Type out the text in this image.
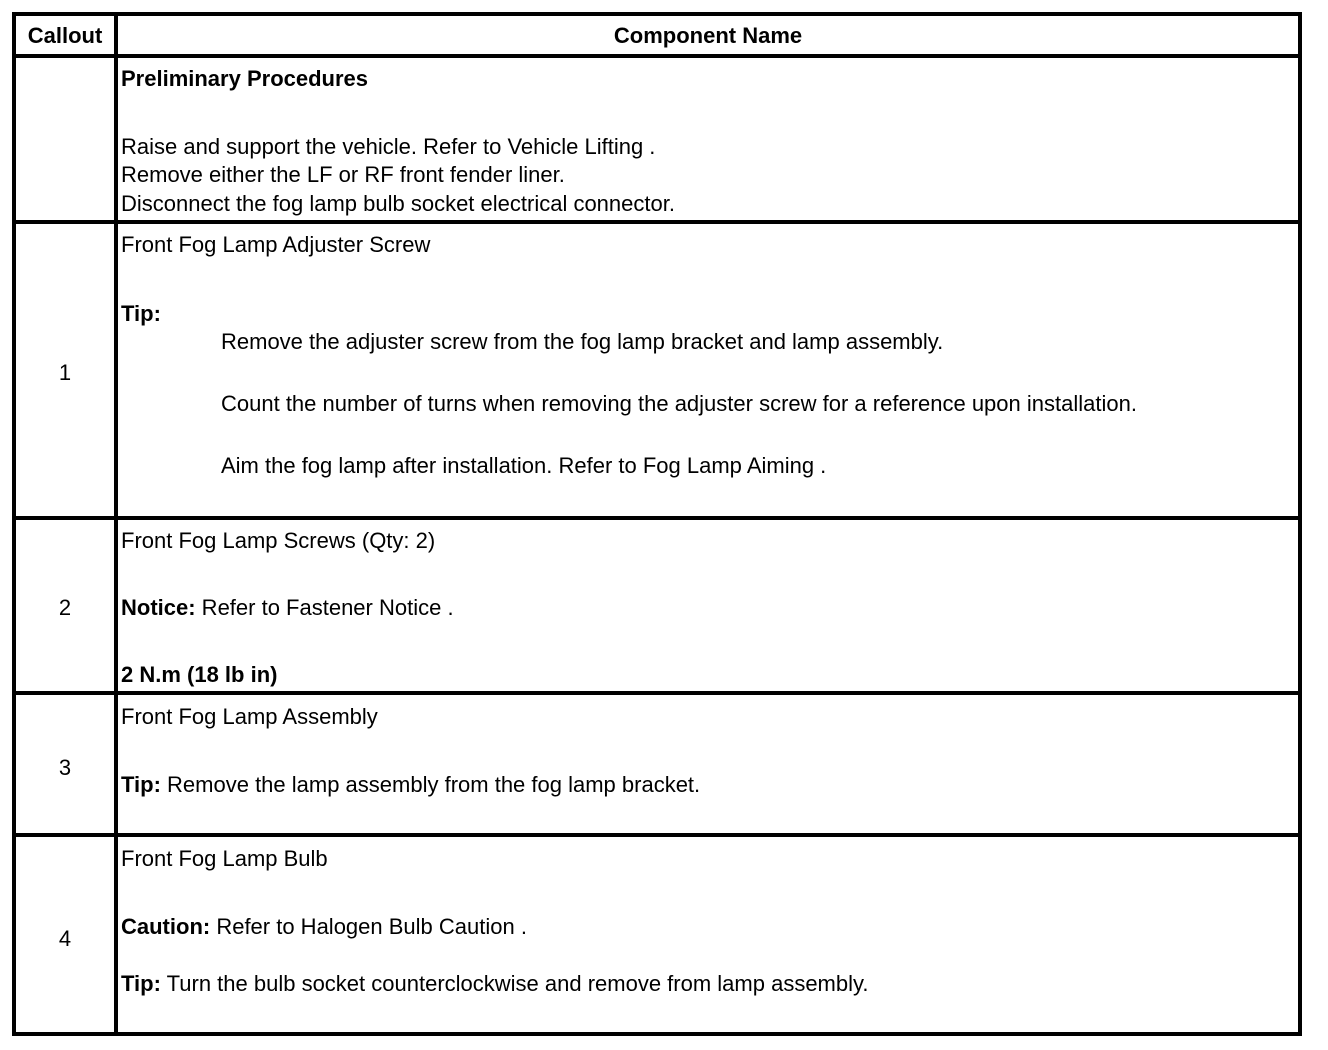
Callout	Component Name
Preliminary Procedures
Raise and support the vehicle. Refer to Vehicle Lifting .
Remove either the LF or RF front fender liner.
Disconnect the fog lamp bulb socket electrical connector.
1
Front Fog Lamp Adjuster Screw
Tip:
Remove the adjuster screw from the fog lamp bracket and lamp assembly.
Count the number of turns when removing the adjuster screw for a reference upon installation.
Aim the fog lamp after installation. Refer to Fog Lamp Aiming .
2
Front Fog Lamp Screws (Qty: 2)
Notice: Refer to Fastener Notice .
2 N.m (18 lb in)
3
Front Fog Lamp Assembly
Tip: Remove the lamp assembly from the fog lamp bracket.
4
Front Fog Lamp Bulb
Caution: Refer to Halogen Bulb Caution .
Tip: Turn the bulb socket counterclockwise and remove from lamp assembly.
